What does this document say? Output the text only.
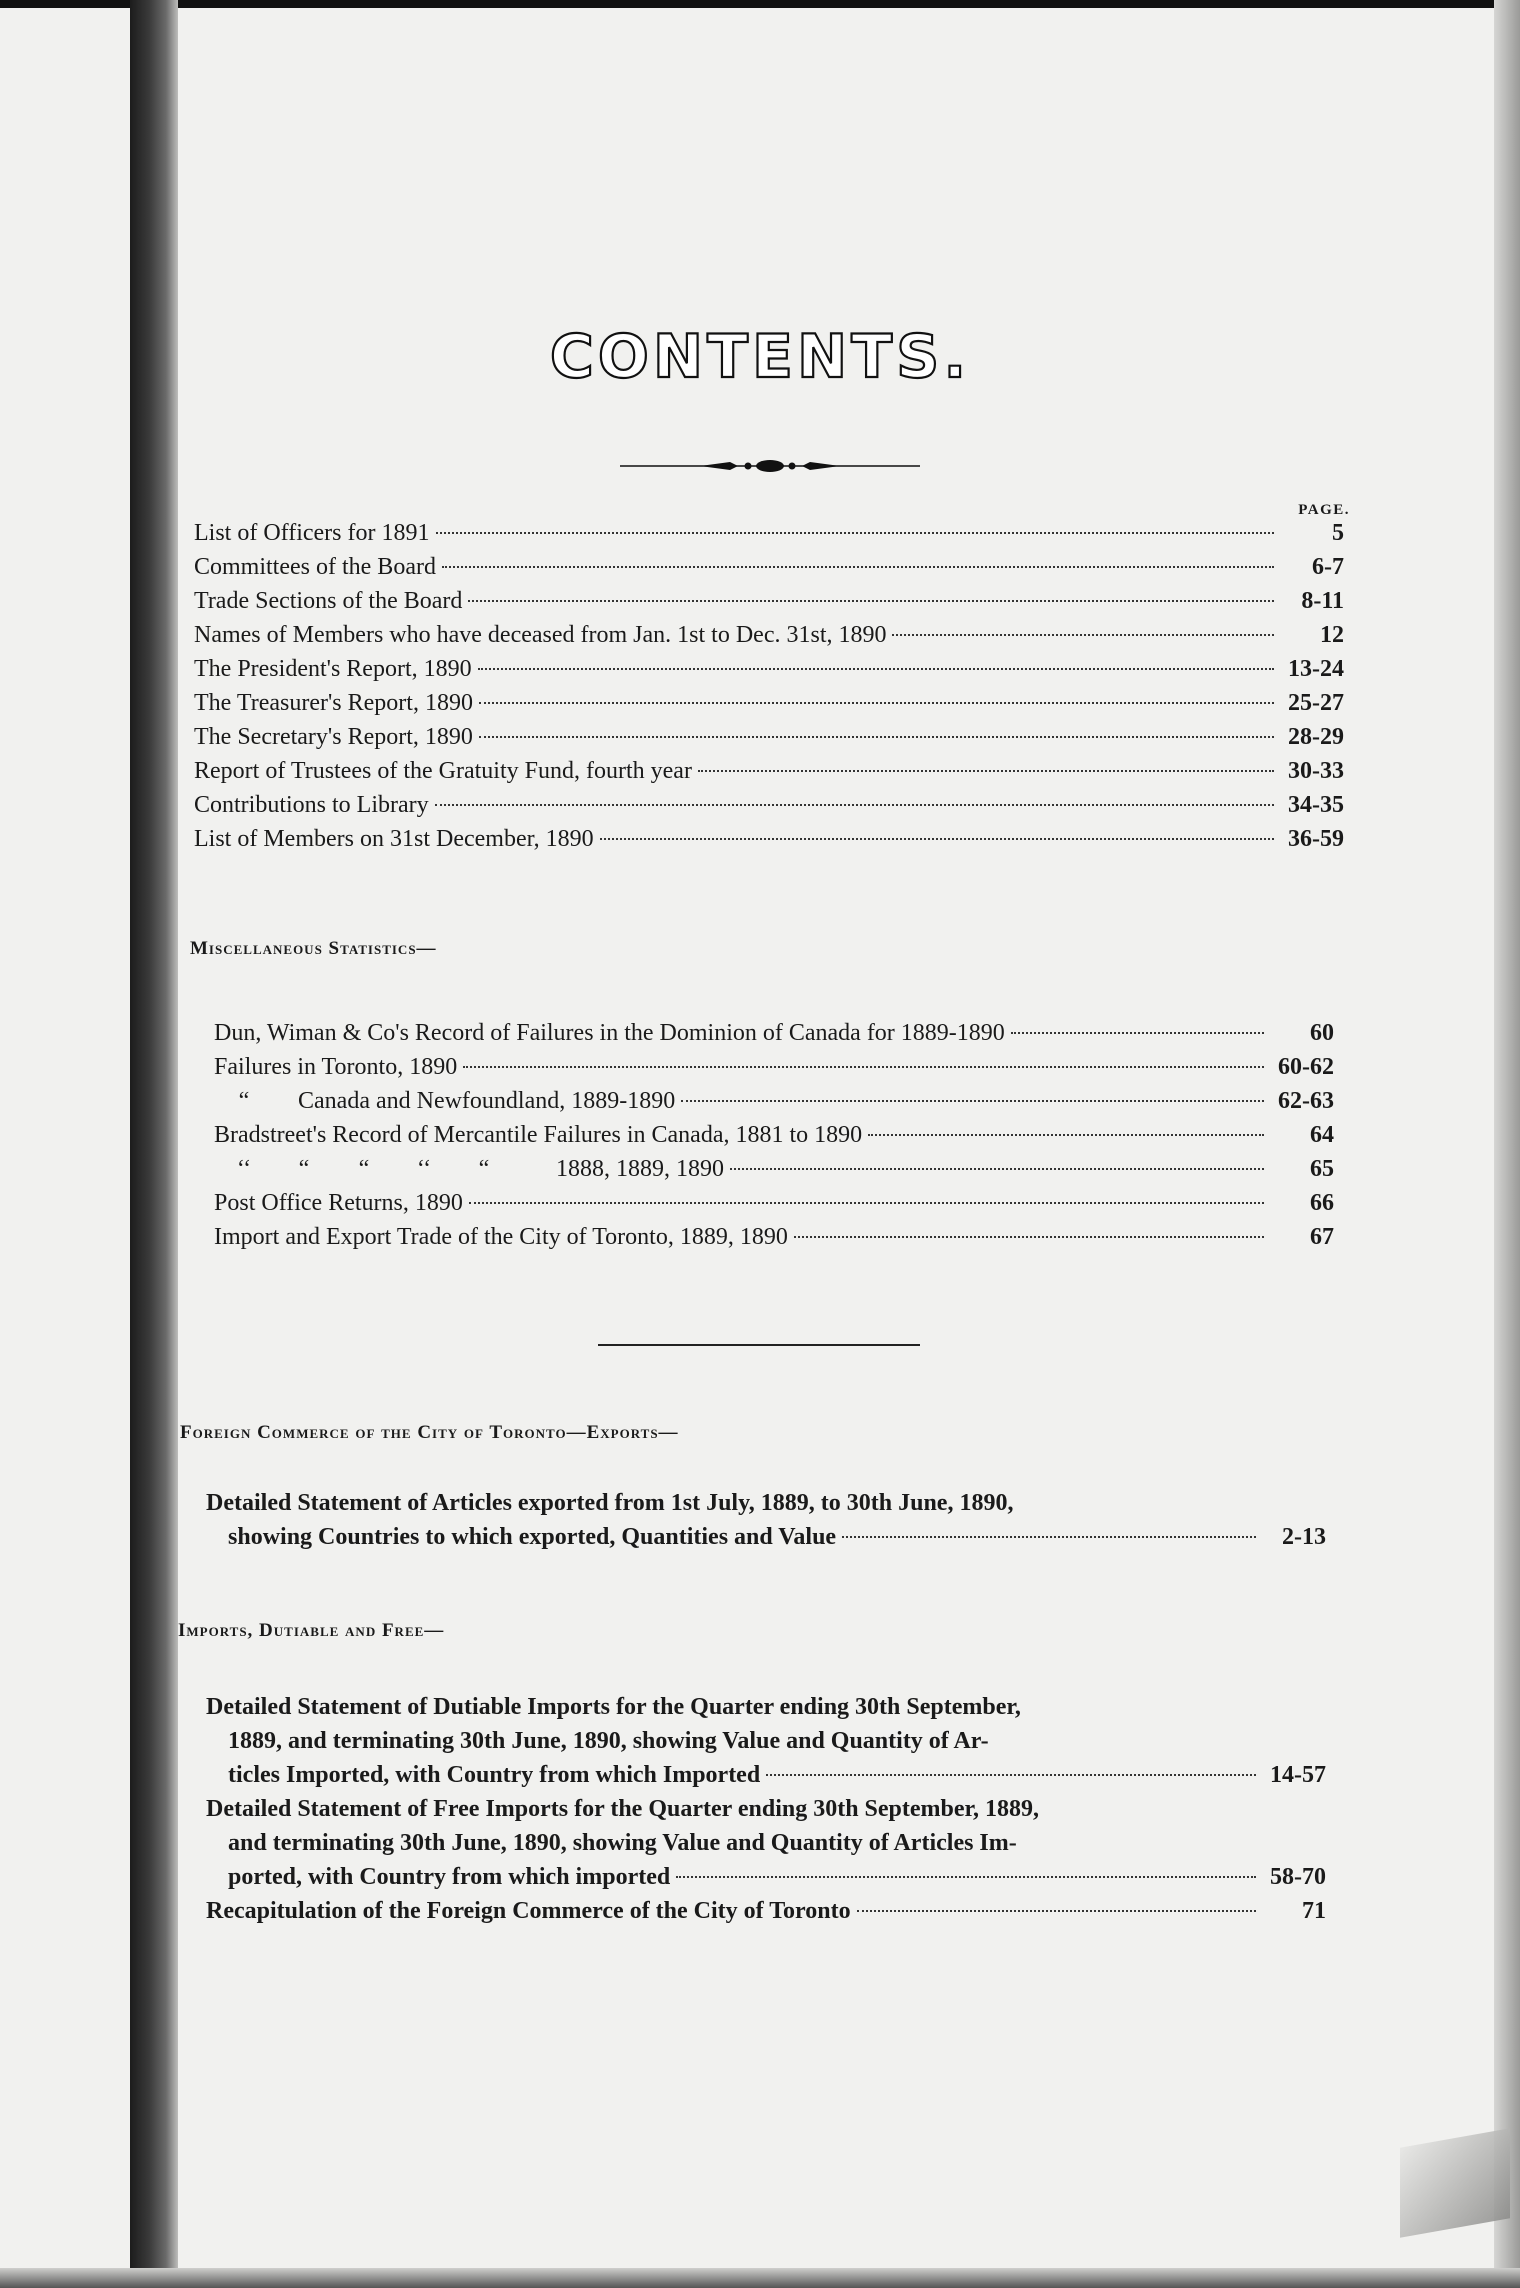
CONTENTS.
PAGE.
List of Officers for 1891	5
Committees of the Board	6-7
Trade Sections of the Board	8-11
Names of Members who have deceased from Jan. 1st to Dec. 31st, 1890	12
The President's Report, 1890	13-24
The Treasurer's Report, 1890	25-27
The Secretary's Report, 1890	28-29
Report of Trustees of the Gratuity Fund, fourth year	30-33
Contributions to Library	34-35
List of Members on 31st December, 1890	36-59
Miscellaneous Statistics—
Dun, Wiman & Co's Record of Failures in the Dominion of Canada for 1889-1890	60
Failures in Toronto, 1890	60-62
“ Canada and Newfoundland, 1889-1890	62-63
Bradstreet's Record of Mercantile Failures in Canada, 1881 to 1890	64
‘‘ “ “ ‘‘ “	1888, 1889, 1890	65
Post Office Returns, 1890	66
Import and Export Trade of the City of Toronto, 1889, 1890	67
Foreign Commerce of the City of Toronto—Exports—
Detailed Statement of Articles exported from 1st July, 1889, to 30th June, 1890,
showing Countries to which exported, Quantities and Value	2-13
Imports, Dutiable and Free—
Detailed Statement of Dutiable Imports for the Quarter ending 30th September,
1889, and terminating 30th June, 1890, showing Value and Quantity of Ar-
ticles Imported, with Country from which Imported	14-57
Detailed Statement of Free Imports for the Quarter ending 30th September, 1889,
and terminating 30th June, 1890, showing Value and Quantity of Articles Im-
ported, with Country from which imported	58-70
Recapitulation of the Foreign Commerce of the City of Toronto	71
